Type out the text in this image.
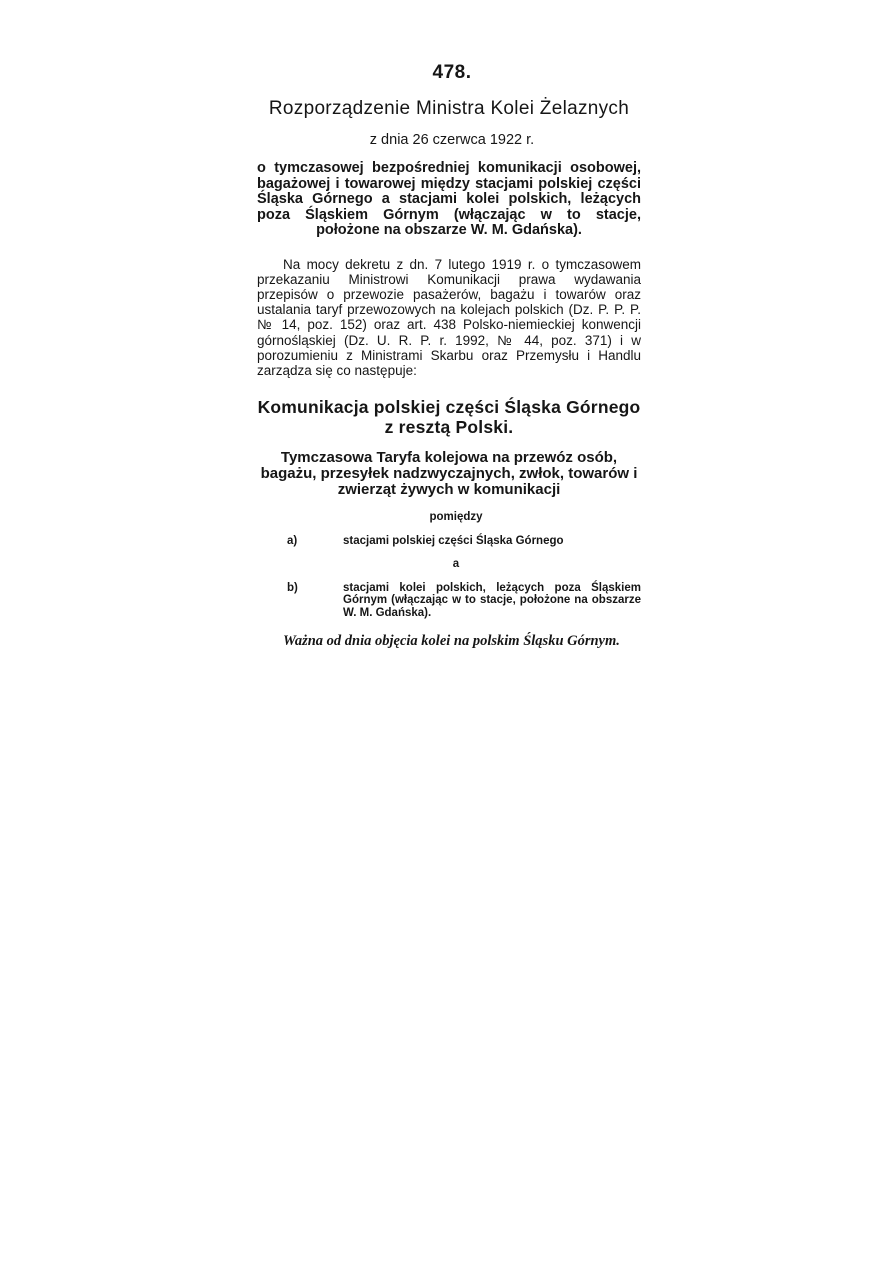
478.
Rozporządzenie Ministra Kolei Żelaznych
z dnia 26 czerwca 1922 r.
o tymczasowej bezpośredniej komunikacji osobowej, bagażowej i towarowej między stacjami polskiej części Śląska Górnego a stacjami kolei polskich, leżących poza Śląskiem Górnym (włączając w to stacje, położone na obszarze W. M. Gdańska).

Na mocy dekretu z dn. 7 lutego 1919 r. o tymczasowem przekazaniu Ministrowi Komunikacji prawa wydawania przepisów o przewozie pasażerów, bagażu i towarów oraz ustalania taryf przewozowych na kolejach polskich (Dz. P. P. P. № 14, poz. 152) oraz art. 438 Polsko-niemieckiej konwencji górnośląskiej (Dz. U. R. P. r. 1992, № 44, poz. 371) i w porozumieniu z Ministrami Skarbu oraz Przemysłu i Handlu zarządza się co następuje:

Komunikacja polskiej części Śląska Górnego z resztą Polski.
Tymczasowa Taryfa kolejowa na przewóz osób, bagażu, przesyłek nadzwyczajnych, zwłok, towarów i zwierząt żywych w komunikacji
pomiędzy
a)	stacjami polskiej części Śląska Górnego
a
b)	stacjami kolei polskich, leżących poza Śląskiem Górnym (włączając w to stacje, położone na obszarze W. M. Gdańska).

Ważna od dnia objęcia kolei na polskim Śląsku Górnym.
